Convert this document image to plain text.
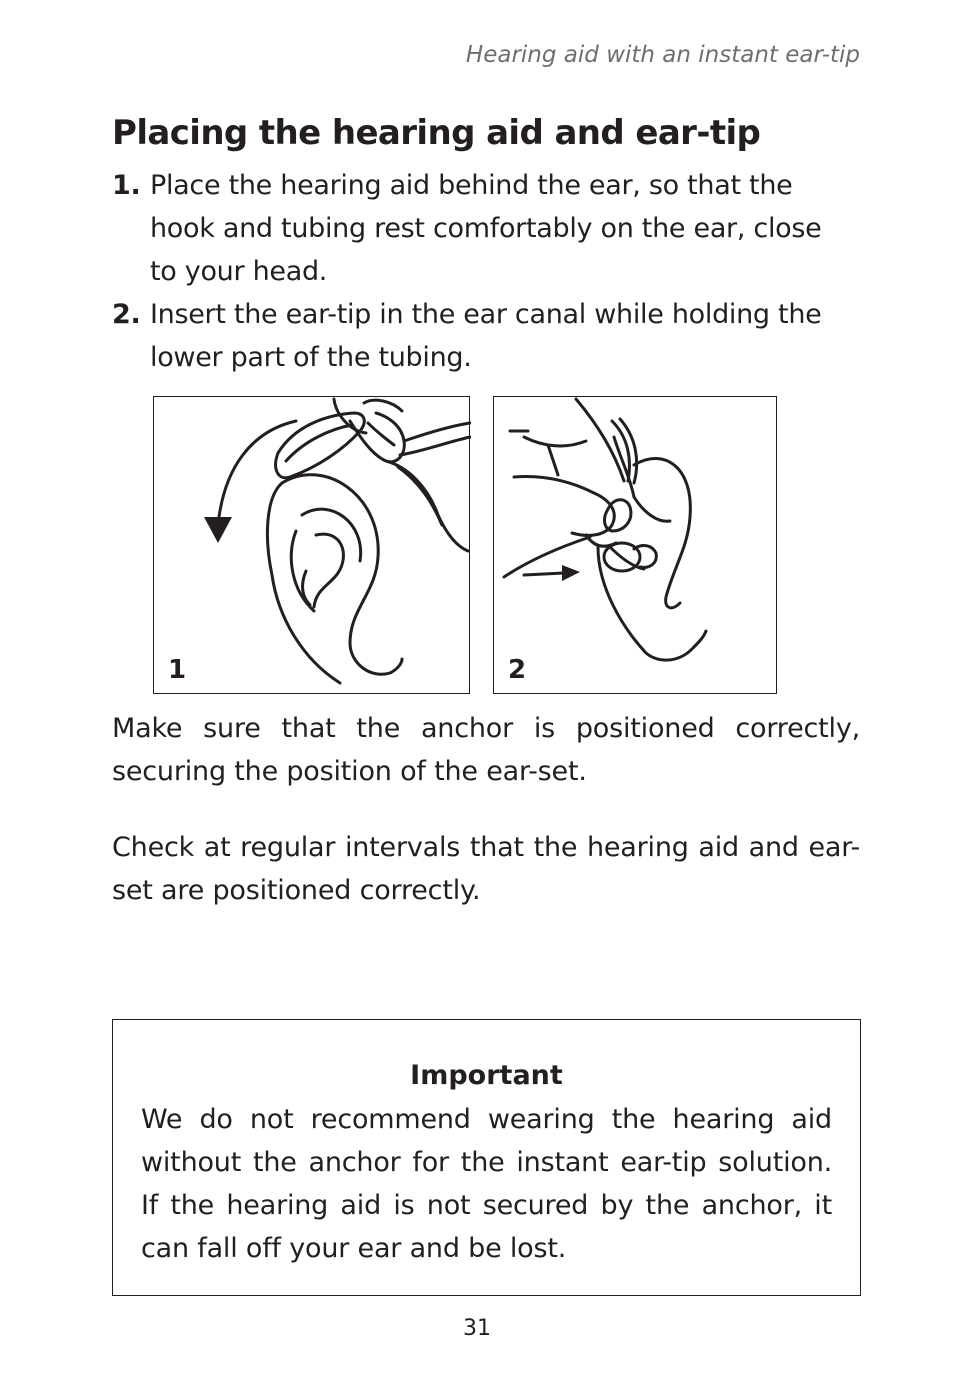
Hearing aid with an instant ear-tip
Placing the hearing aid and ear-tip
1. Place the hearing aid behind the ear, so that the hook and tubing rest comfortably on the ear, close to your head.
2. Insert the ear-tip in the ear canal while holding the lower part of the tubing.
1	2

Make sure that the anchor is positioned correctly, securing the position of the ear-set.

Check at regular intervals that the hearing aid and ear-set are positioned correctly.

Important

We do not recommend wearing the hearing aid without the anchor for the instant ear-tip solution. If the hearing aid is not secured by the anchor, it can fall off your ear and be lost.

31
